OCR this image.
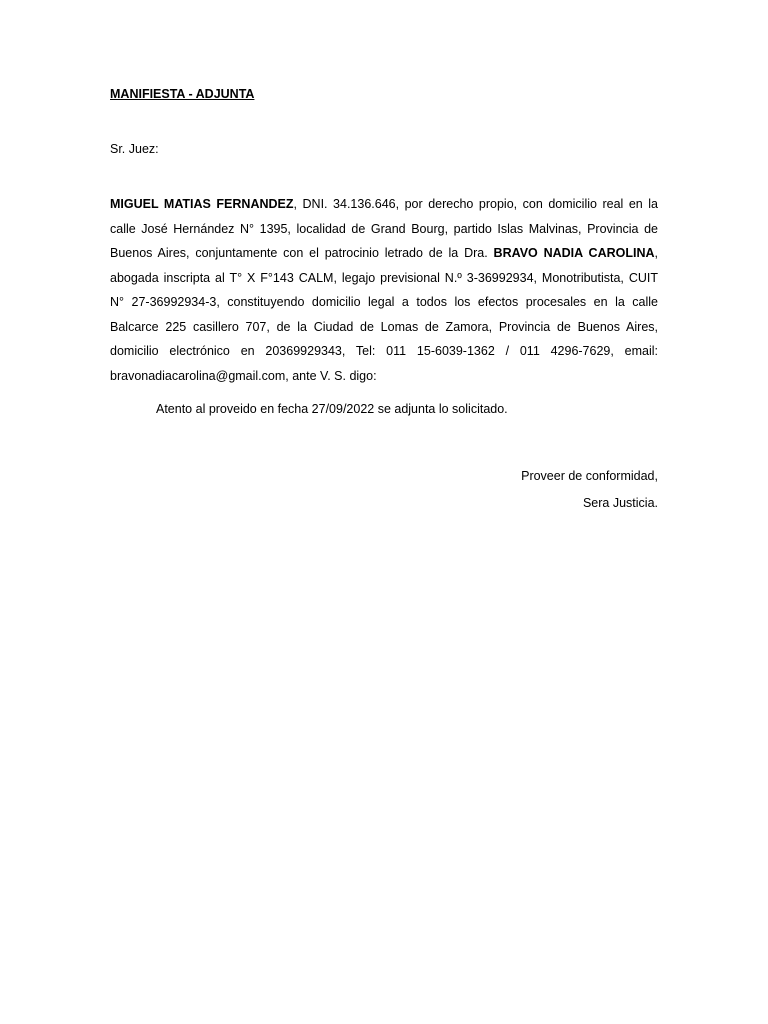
MANIFIESTA - ADJUNTA
Sr. Juez:
MIGUEL MATIAS FERNANDEZ, DNI. 34.136.646, por derecho propio, con domicilio real en la
calle José Hernández N° 1395, localidad de Grand Bourg, partido Islas Malvinas, Provincia de
Buenos Aires, conjuntamente con el patrocinio letrado de la Dra. BRAVO NADIA CAROLINA,
abogada inscripta al T° X F°143 CALM, legajo previsional N.º 3-36992934, Monotributista, CUIT
N° 27-36992934-3, constituyendo domicilio legal a todos los efectos procesales en la calle
Balcarce 225 casillero 707, de la Ciudad de Lomas de Zamora, Provincia de Buenos Aires,
domicilio electrónico en 20369929343, Tel: 011 15-6039-1362 / 011 4296-7629, email:
bravonadiacarolina@gmail.com, ante V. S. digo:
Atento al proveido en fecha 27/09/2022 se adjunta lo solicitado.
Proveer de conformidad,
Sera Justicia.
